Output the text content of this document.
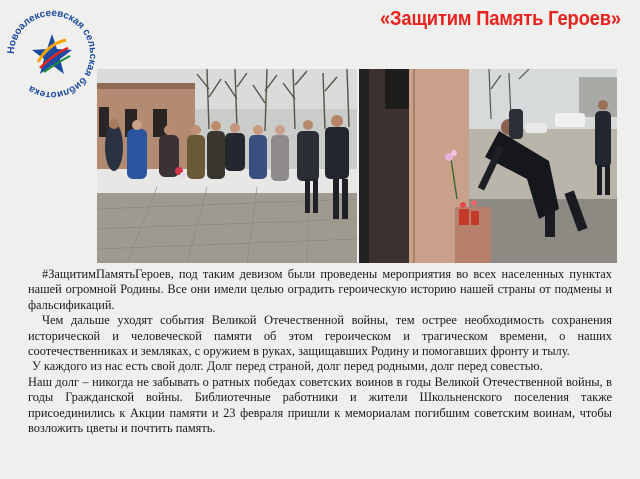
Новоалексеевская сельская библиотека
«Защитим Память Героев»

#ЗащитимПамятьГероев, под таким девизом были проведены мероприятия во всех населенных пунктах нашей огромной Родины. Все они имели целью оградить героическую историю нашей страны от подмены и фальсификаций.

Чем дальше уходят события Великой Отечественной войны, тем острее необходимость сохранения исторической и человеческой памяти об этом героическом и трагическом времени, о наших соотечественниках и земляках, с оружием в руках, защищавших Родину и помогавших фронту и тылу.

У каждого из нас есть свой долг. Долг перед страной, долг перед родными, долг перед совестью.

Наш долг – никогда не забывать о ратных победах советских воинов в годы Великой Отечественной войны, в годы Гражданской войны. Библиотечные работники и жители Школьненского поселения также присоединились к Акции памяти и 23 февраля пришли к мемориалам погибшим советским воинам, чтобы возложить цветы и почтить память.
